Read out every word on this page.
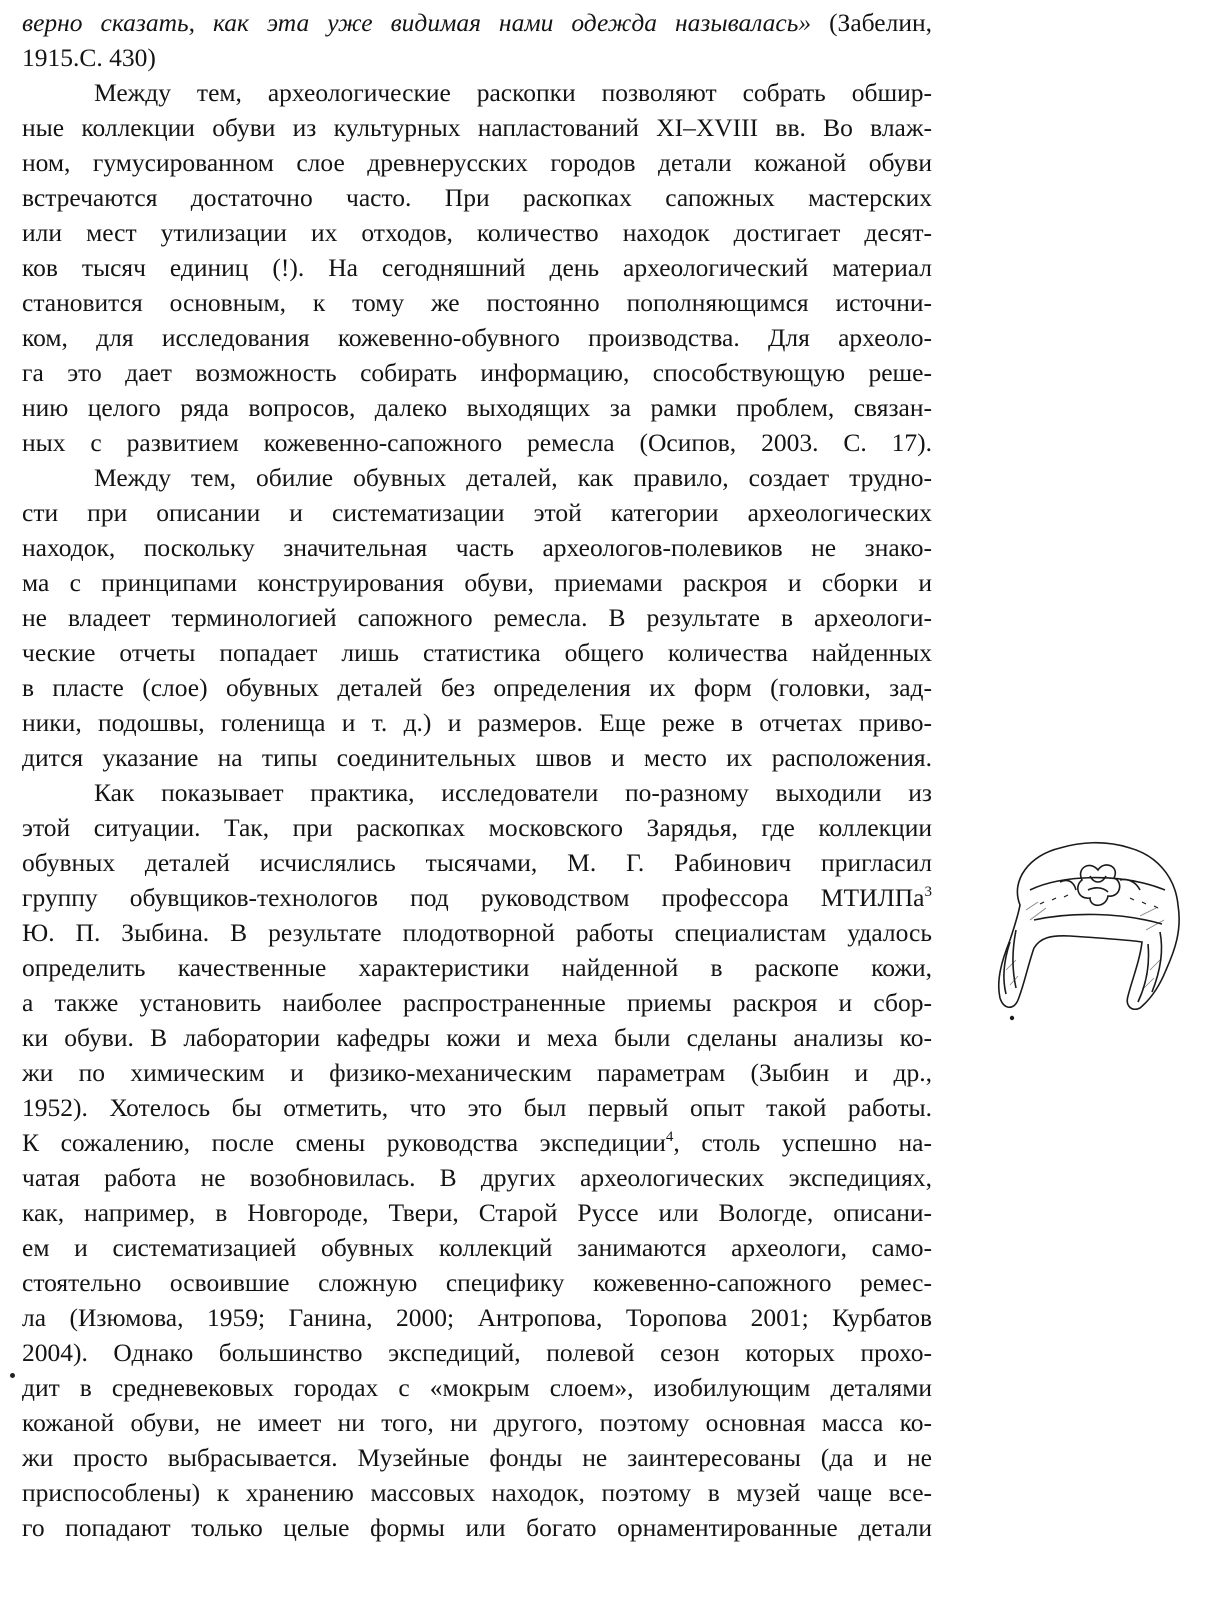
верно сказать, как эта уже видимая нами одежда называлась» (Забелин,
1915.С. 430)
Между тем, археологические раскопки позволяют собрать обшир-
ные коллекции обуви из культурных напластований XI–XVIII вв. Во влаж-
ном, гумусированном слое древнерусских городов детали кожаной обуви
встречаются достаточно часто. При раскопках сапожных мастерских
или мест утилизации их отходов, количество находок достигает десят-
ков тысяч единиц (!). На сегодняшний день археологический материал
становится основным, к тому же постоянно пополняющимся источни-
ком, для исследования кожевенно-обувного производства. Для археоло-
га это дает возможность собирать информацию, способствующую реше-
нию целого ряда вопросов, далеко выходящих за рамки проблем, связан-
ных с развитием кожевенно-сапожного ремесла (Осипов, 2003. С. 17).
Между тем, обилие обувных деталей, как правило, создает трудно-
сти при описании и систематизации этой категории археологических
находок, поскольку значительная часть археологов-полевиков не знако-
ма с принципами конструирования обуви, приемами раскроя и сборки и
не владеет терминологией сапожного ремесла. В результате в археологи-
ческие отчеты попадает лишь статистика общего количества найденных
в пласте (слое) обувных деталей без определения их форм (головки, зад-
ники, подошвы, голенища и т. д.) и размеров. Еще реже в отчетах приво-
дится указание на типы соединительных швов и место их расположения.
Как показывает практика, исследователи по-разному выходили из
этой ситуации. Так, при раскопках московского Зарядья, где коллекции
обувных деталей исчислялись тысячами, М. Г. Рабинович пригласил
группу обувщиков-технологов под руководством профессора МТИЛПа$^3$
Ю. П. Зыбина. В результате плодотворной работы специалистам удалось
определить качественные характеристики найденной в раскопе кожи,
а также установить наиболее распространенные приемы раскроя и сбор-
ки обуви. В лаборатории кафедры кожи и меха были сделаны анализы ко-
жи по химическим и физико-механическим параметрам (Зыбин и др.,
1952). Хотелось бы отметить, что это был первый опыт такой работы.
К сожалению, после смены руководства экспедиции$^4$, столь успешно на-
чатая работа не возобновилась. В других археологических экспедициях,
как, например, в Новгороде, Твери, Старой Руссе или Вологде, описани-
ем и систематизацией обувных коллекций занимаются археологи, само-
стоятельно освоившие сложную специфику кожевенно-сапожного ремес-
ла (Изюмова, 1959; Ганина, 2000; Антропова, Торопова 2001; Курбатов
2004). Однако большинство экспедиций, полевой сезон которых прохо-
дит в средневековых городах с «мокрым слоем», изобилующим деталями
кожаной обуви, не имеет ни того, ни другого, поэтому основная масса ко-
жи просто выбрасывается. Музейные фонды не заинтересованы (да и не
приспособлены) к хранению массовых находок, поэтому в музей чаще все-
го попадают только целые формы или богато орнаментированные детали
